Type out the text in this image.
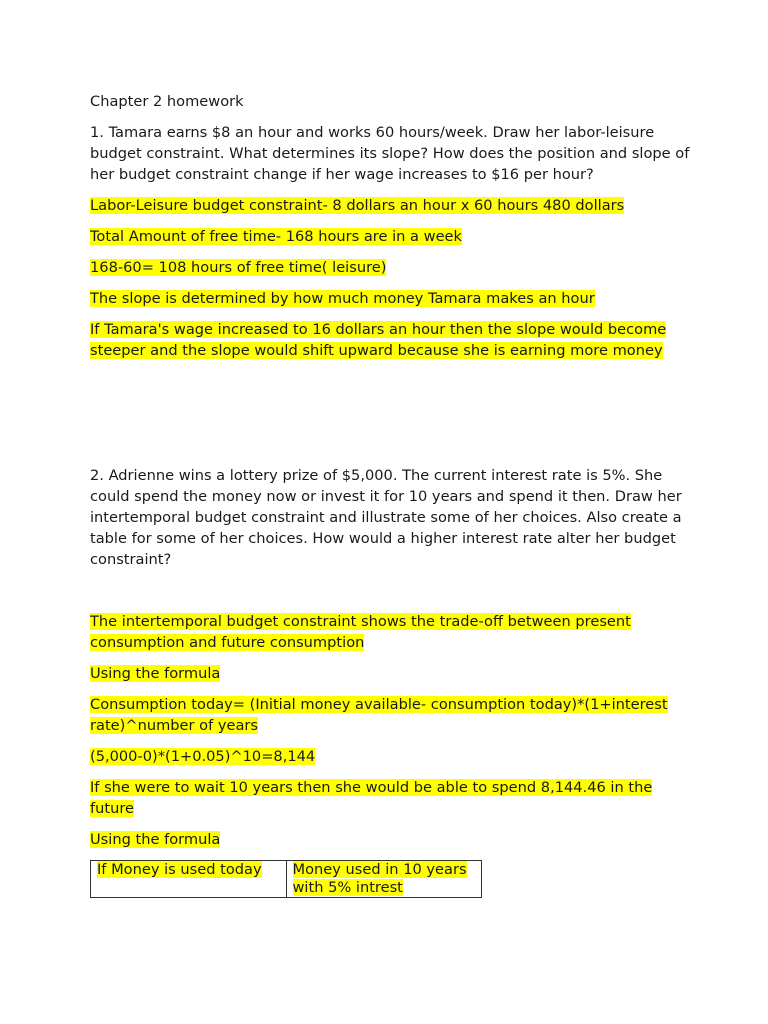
Chapter 2 homework
1. Tamara earns $8 an hour and works 60 hours/week. Draw her labor-leisure budget constraint. What determines its slope? How does the position and slope of her budget constraint change if her wage increases to $16 per hour?
Labor-Leisure budget constraint- 8 dollars an hour x 60 hours 480 dollars
Total Amount of free time- 168 hours are in a week
168-60= 108 hours of free time( leisure)
The slope is determined by how much money Tamara makes an hour
If Tamara's wage increased to 16 dollars an hour then the slope would become steeper and the slope would shift upward because she is earning more money
2. Adrienne wins a lottery prize of $5,000. The current interest rate is 5%. She could spend the money now or invest it for 10 years and spend it then. Draw her intertemporal budget constraint and illustrate some of her choices. Also create a table for some of her choices. How would a higher interest rate alter her budget constraint?
The intertemporal budget constraint shows the trade-off between present consumption and future consumption
Using the formula
Consumption today= (Initial money available- consumption today)*(1+interest rate)^number of years
(5,000-0)*(1+0.05)^10=8,144
If she were to wait 10 years then she would be able to spend 8,144.46 in the future
Using the formula
If Money is used today	Money used in 10 years with 5% intrest
